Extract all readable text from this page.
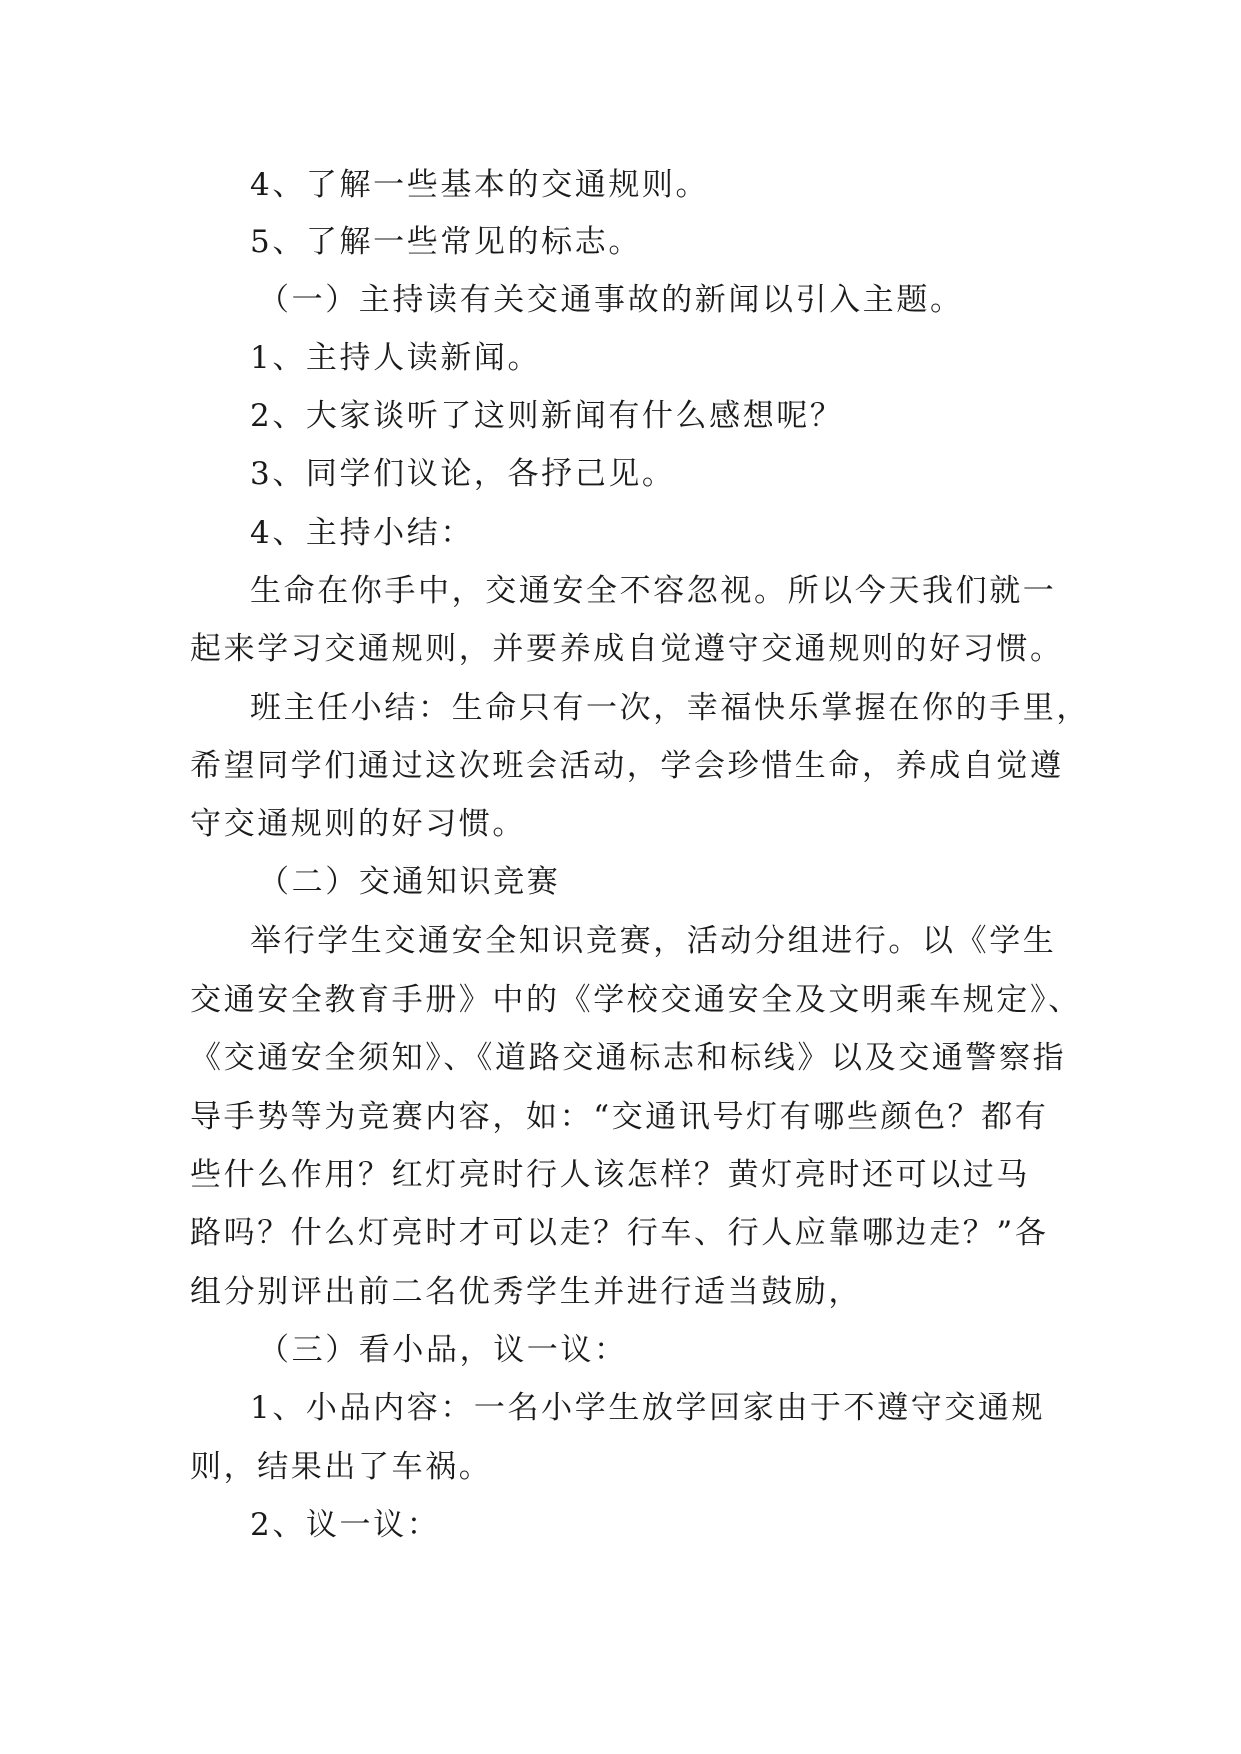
4、了解一些基本的交通规则。
5、了解一些常见的标志。
（一）主持读有关交通事故的新闻以引入主题。
1、主持人读新闻。
2、大家谈听了这则新闻有什么感想呢？
3、同学们议论，各抒己见。
4、主持小结：
生命在你手中，交通安全不容忽视。所以今天我们就一
起来学习交通规则，并要养成自觉遵守交通规则的好习惯。
班主任小结：生命只有一次，幸福快乐掌握在你的手里，
希望同学们通过这次班会活动，学会珍惜生命，养成自觉遵
守交通规则的好习惯。
（二）交通知识竞赛
举行学生交通安全知识竞赛，活动分组进行。以《学生
交通安全教育手册》中的《学校交通安全及文明乘车规定》、
《交通安全须知》、《道路交通标志和标线》以及交通警察指
导手势等为竞赛内容，如：“交通讯号灯有哪些颜色？都有
些什么作用？红灯亮时行人该怎样？黄灯亮时还可以过马
路吗？什么灯亮时才可以走？行车、行人应靠哪边走？”各
组分别评出前二名优秀学生并进行适当鼓励，
（三）看小品，议一议：
1、小品内容：一名小学生放学回家由于不遵守交通规
则，结果出了车祸。
2、议一议：
